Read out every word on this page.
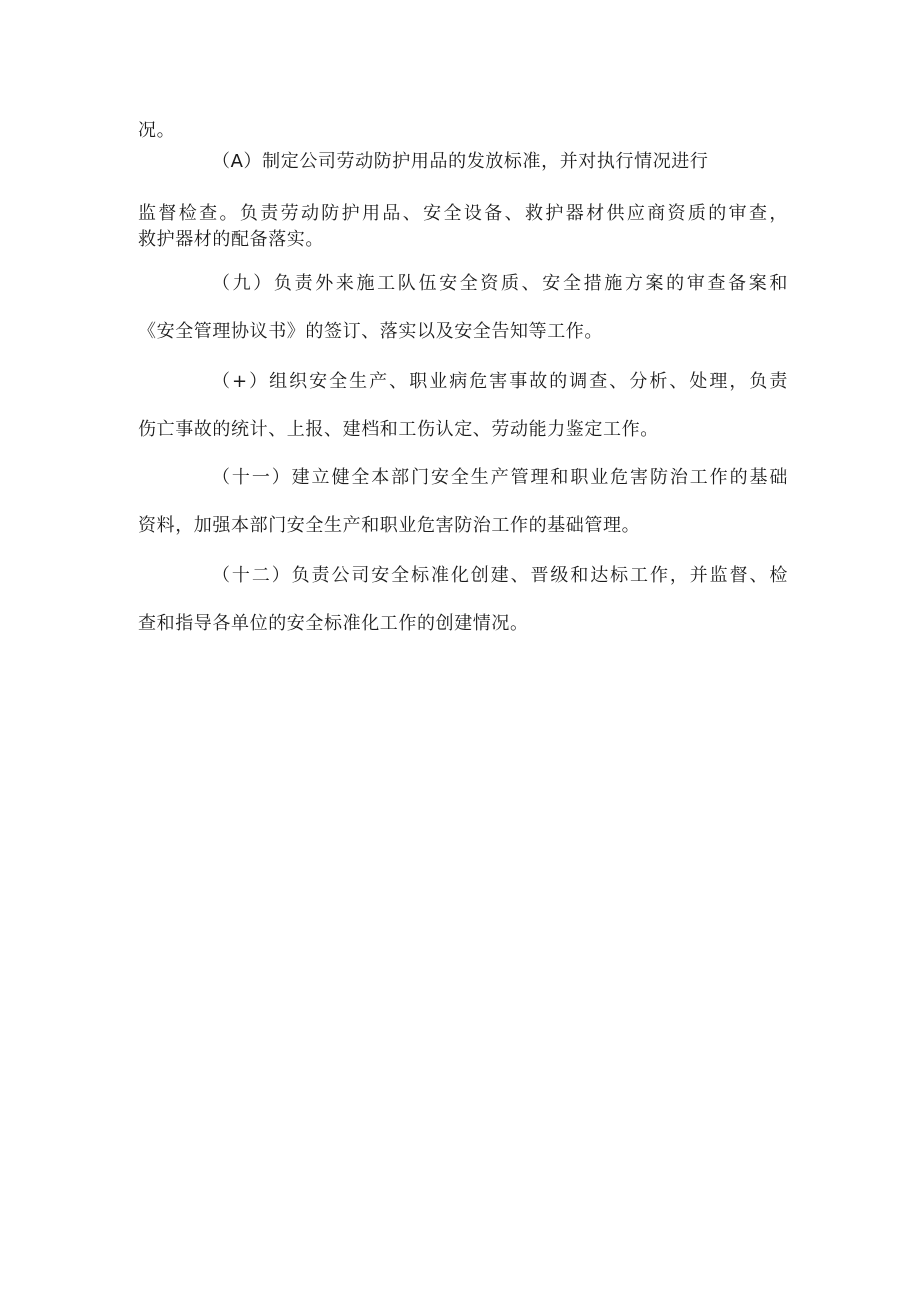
况。
（A）制定公司劳动防护用品的发放标准，并对执行情况进行
监督检查。负责劳动防护用品、安全设备、救护器材供应商资质的审查，
救护器材的配备落实。
（九）负责外来施工队伍安全资质、安全措施方案的审查备案和
《安全管理协议书》的签订、落实以及安全告知等工作。
（+）组织安全生产、职业病危害事故的调查、分析、处理，负责
伤亡事故的统计、上报、建档和工伤认定、劳动能力鉴定工作。
（十一）建立健全本部门安全生产管理和职业危害防治工作的基础
资料，加强本部门安全生产和职业危害防治工作的基础管理。
（十二）负责公司安全标准化创建、晋级和达标工作，并监督、检
查和指导各单位的安全标准化工作的创建情况。
